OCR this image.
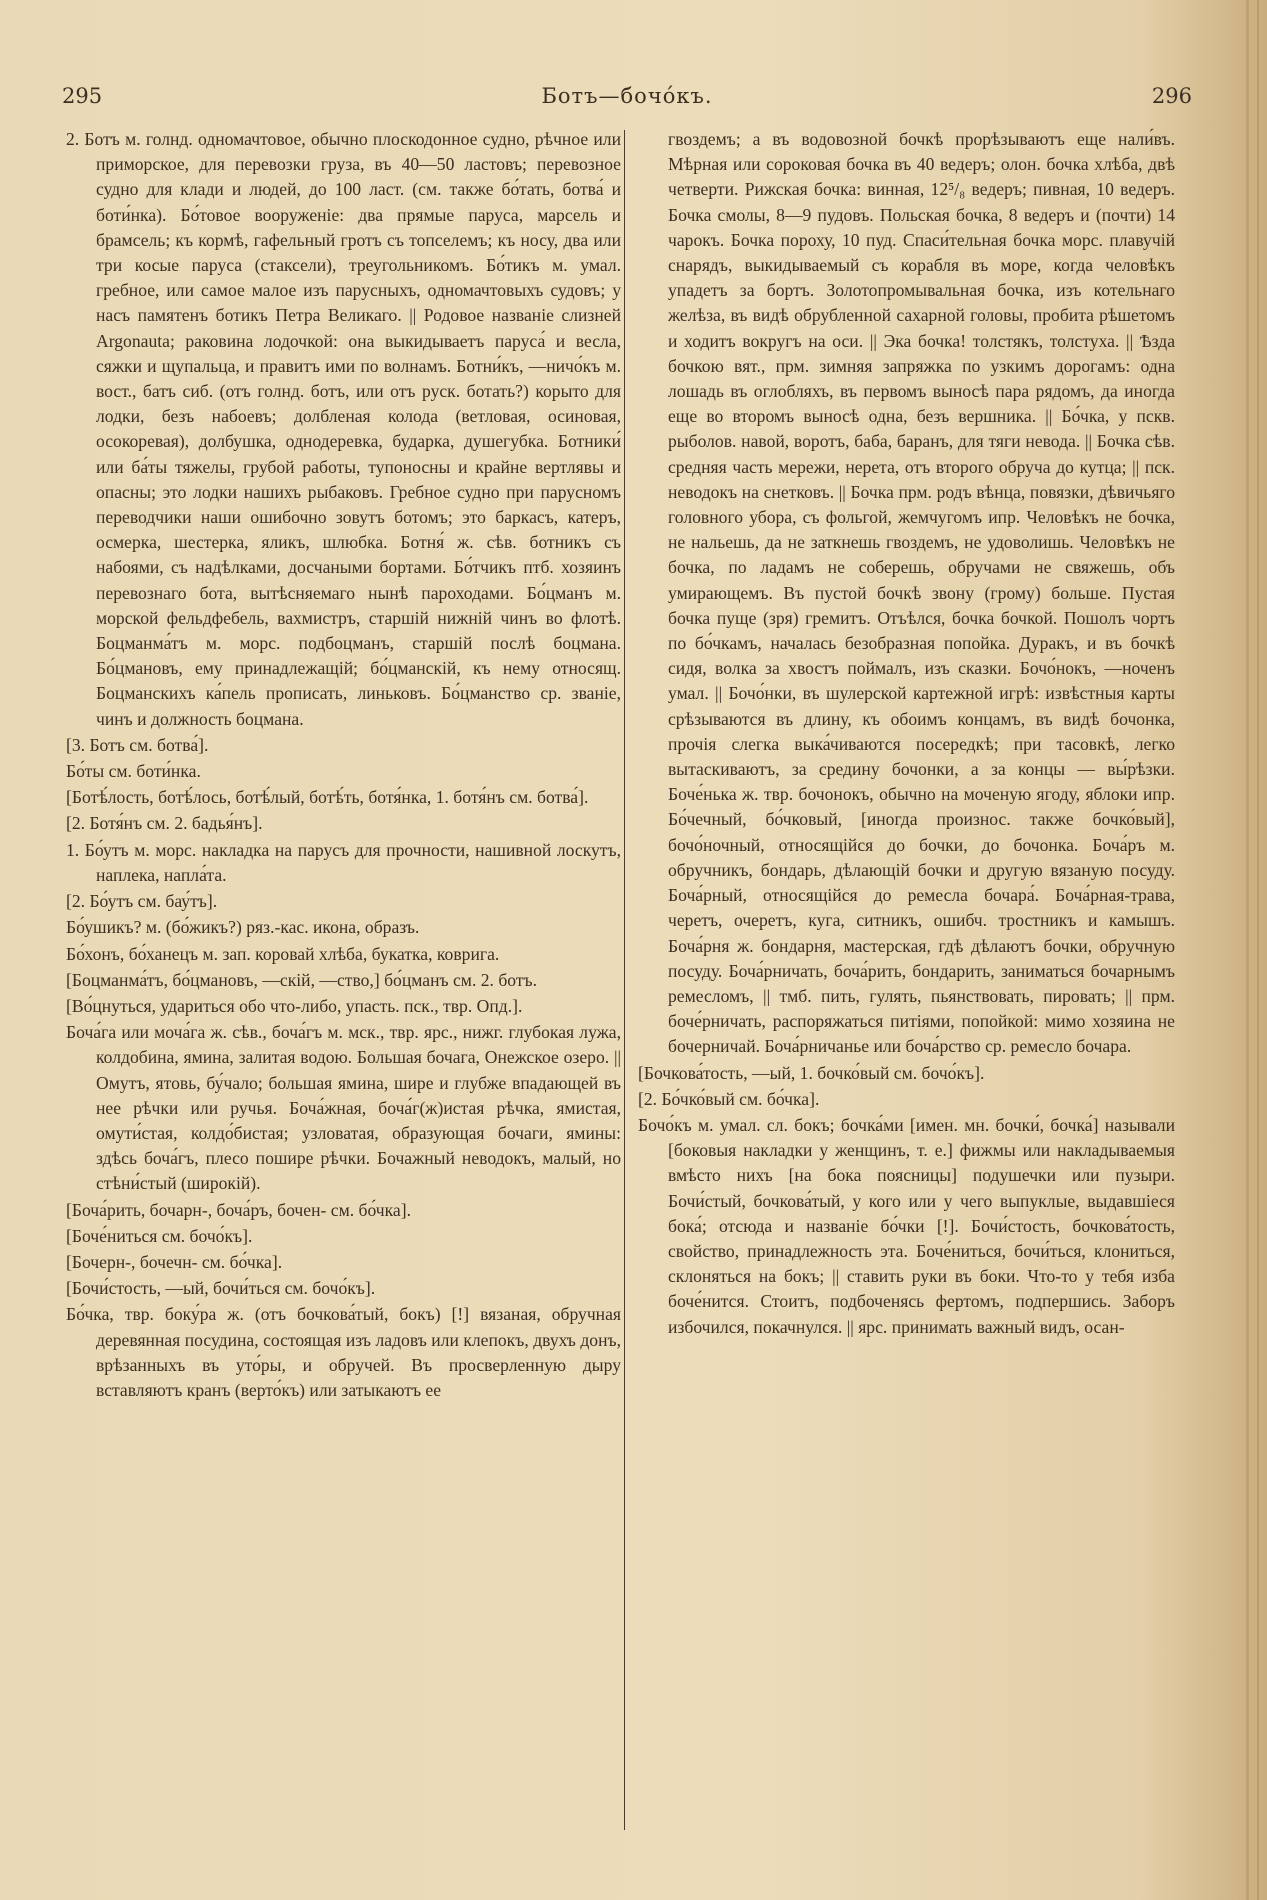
295	Ботъ—бочо́къ.	296

2. Ботъ м. голнд. одномачтовое, обычно плоскодонное судно, рѣчное или приморское, для перевозки груза, въ 40—50 ластовъ; перевозное судно для клади и людей, до 100 ласт. (см. также бо́тать, ботва́ и боти́нка). Бо́товое вооруженіе: два прямые паруса, марсель и брамсель; къ кормѣ, гафельный гротъ съ топселемъ; къ носу, два или три косые паруса (стаксели), треугольникомъ. Бо́тикъ м. умал. гребное, или самое малое изъ парусныхъ, одномачтовыхъ судовъ; у насъ памятенъ ботикъ Петра Великаго. || Родовое названіе слизней Argonauta; раковина лодочкой: она выкидываетъ паруса́ и весла, сяжки и щупальца, и правитъ ими по волнамъ. Ботни́къ, —ничо́къ м. вост., батъ сиб. (отъ голнд. ботъ, или отъ руск. ботать?) корыто для лодки, безъ набоевъ; долбленая колода (ветловая, осиновая, осокоревая), долбушка, однодеревка, бударка, душегубка. Ботники́ или ба́ты тяжелы, грубой работы, тупоносны и крайне вертлявы и опасны; это лодки нашихъ рыбаковъ. Гребное судно при парусномъ переводчики наши ошибочно зовутъ ботомъ; это баркасъ, катеръ, осмерка, шестерка, яликъ, шлюбка. Ботня́ ж. сѣв. ботникъ съ набоями, съ надѣлками, досчаными бортами. Бо́тчикъ птб. хозяинъ перевознаго бота, вытѣсняемаго нынѣ пароходами. Бо́цманъ м. морской фельдфебель, вахмистръ, старшій нижній чинъ во флотѣ. Боцманма́тъ м. морс. подбоцманъ, старшій послѣ боцмана. Бо́цмановъ, ему принадлежащій; бо́цманскій, къ нему относящ. Боцманскихъ ка́пель прописать, линьковъ. Бо́цманство ср. званіе, чинъ и должность боцмана.

[3. Ботъ см. ботва́].

Бо́ты см. боти́нка.

[Ботѣ́лость, ботѣ́лось, ботѣ́лый, ботѣ́ть, ботя́нка, 1. ботя́нъ см. ботва́].

[2. Ботя́нъ см. 2. бадья́нъ].

1. Бо́утъ м. морс. накладка на парусъ для прочности, нашивной лоскутъ, наплека, напла́та.

[2. Бо́утъ см. бау́тъ].

Бо́ушикъ? м. (бо́жикъ?) ряз.-кас. икона, образъ.

Бо́хонъ, бо́ханецъ м. зап. коровай хлѣба, букатка, коврига.

[Боцманма́тъ, бо́цмановъ, —скій, —ство,] бо́цманъ см. 2. ботъ.

[Во́цнуться, удариться обо что-либо, упасть. пск., твр. Опд.].

Боча́га или моча́га ж. сѣв., боча́гъ м. мск., твр. ярс., нижг. глубокая лужа, колдобина, ямина, залитая водою. Большая бочага, Онежское озеро. || Омутъ, ятовь, бу́чало; большая ямина, шире и глубже впадающей въ нее рѣчки или ручья. Боча́жная, боча́г(ж)истая рѣчка, ямистая, омути́стая, колдо́бистая; узловатая, образующая бочаги, ямины: здѣсь боча́гъ, плесо пошире рѣчки. Бочажный неводокъ, малый, но стѣни́стый (широкій).

[Боча́рить, бочарн-, боча́ръ, бочен- см. бо́чка].

[Боче́ниться см. бочо́къ].

[Бочерн-, бочечн- см. бо́чка].

[Бочи́стость, —ый, бочи́ться см. бочо́къ].

Бо́чка, твр. боку́ра ж. (отъ бочкова́тый, бокъ) [!] вязаная, обручная деревянная посудина, состоящая изъ ладовъ или клепокъ, двухъ донъ, врѣзанныхъ въ уто́ры, и обручей. Въ просверленную дыру вставляютъ кранъ (верто́къ) или затыкаютъ ее

гвоздемъ; а въ водовозной бочкѣ прорѣзываютъ еще нали́въ. Мѣрная или сороковая бочка въ 40 ведеръ; олон. бочка хлѣба, двѣ четверти. Рижская бочка: винная, 12⁵/₈ ведеръ; пивная, 10 ведеръ. Бочка смолы, 8—9 пудовъ. Польская бочка, 8 ведеръ и (почти) 14 чарокъ. Бочка пороху, 10 пуд. Спаси́тельная бочка морс. плавучій снарядъ, выкидываемый съ корабля въ море, когда человѣкъ упадетъ за бортъ. Золотопромывальная бочка, изъ котельнаго желѣза, въ видѣ обрубленной сахарной головы, пробита рѣшетомъ и ходитъ вокругъ на оси. || Эка бочка! толстякъ, толстуха. || Ѣзда бочкою вят., прм. зимняя запряжка по узкимъ дорогамъ: одна лошадь въ оглобляхъ, въ первомъ выносѣ пара рядомъ, да иногда еще во второмъ выносѣ одна, безъ вершника. || Бо́чка, у пскв. рыболов. навой, воротъ, баба, баранъ, для тяги невода. || Бочка сѣв. средняя часть мережи, нерета, отъ второго обруча до кутца; || пск. неводокъ на снетковъ. || Бочка прм. родъ вѣнца, повязки, дѣвичьяго головного убора, съ фольгой, жемчугомъ ипр. Человѣкъ не бочка, не нальешь, да не заткнешь гвоздемъ, не удоволишь. Человѣкъ не бочка, по ладамъ не соберешь, обручами не свяжешь, объ умирающемъ. Въ пустой бочкѣ звону (грому) больше. Пустая бочка пуще (зря) гремитъ. Отъѣлся, бочка бочкой. Пошолъ чортъ по бо́чкамъ, началась безобразная попойка. Дуракъ, и въ бочкѣ сидя, волка за хвостъ поймалъ, изъ сказки. Бочо́нокъ, —ноченъ умал. || Бочо́нки, въ шулерской картежной игрѣ: извѣстныя карты срѣзываются въ длину, къ обоимъ концамъ, въ видѣ бочонка, прочія слегка выка́чиваются посередкѣ; при тасовкѣ, легко вытаскиваютъ, за средину бочонки, а за концы — вы́рѣзки. Боче́нька ж. твр. бочонокъ, обычно на моченую ягоду, яблоки ипр. Бо́чечный, бо́чковый, [иногда произнос. также бочко́вый], бочо́ночный, относящійся до бочки, до бочонка. Боча́ръ м. обручникъ, бондарь, дѣлающій бочки и другую вязаную посуду. Боча́рный, относящійся до ремесла бочара́. Боча́рная-трава, черетъ, очеретъ, куга, ситникъ, ошибч. тростникъ и камышъ. Боча́рня ж. бондарня, мастерская, гдѣ дѣлаютъ бочки, обручную посуду. Боча́рничать, боча́рить, бондарить, заниматься бочарнымъ ремесломъ, || тмб. пить, гулять, пьянствовать, пировать; || прм. боче́рничать, распоряжаться питіями, попойкой: мимо хозяина не бочерничай. Боча́рничанье или боча́рство ср. ремесло бочара.

[Бочкова́тость, —ый, 1. бочко́вый см. бочо́къ].

[2. Бо́чко́вый см. бо́чка].

Бочо́къ м. умал. сл. бокъ; бочка́ми [имен. мн. бочки́, бочка́] называли [боковыя накладки у женщинъ, т. е.] фижмы или накладываемыя вмѣсто нихъ [на бока поясницы] подушечки или пузыри. Бочи́стый, бочкова́тый, у кого или у чего выпуклые, выдавшіеся бока́; отсюда и названіе бо́чки [!]. Бочи́стость, бочкова́тость, свойство, принадлежность эта. Боче́ниться, бочи́ться, клониться, склоняться на бокъ; || ставить руки въ боки. Что-то у тебя изба боче́нится. Стоитъ, подбоченясь фертомъ, подпершись. Заборъ избочился, покачнулся. || ярс. принимать важный видъ, осан-
